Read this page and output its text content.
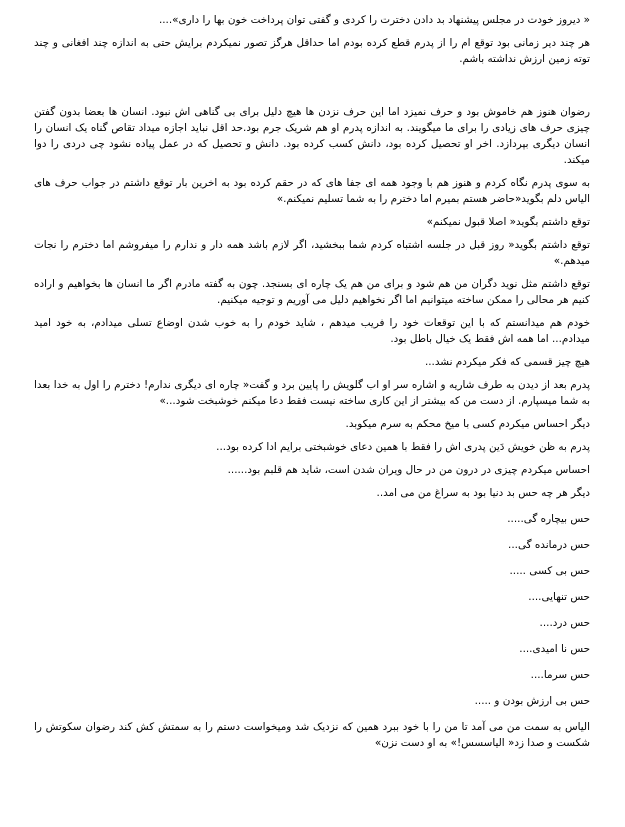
« دیروز خودت در مجلس پیشنهاد بد دادن دخترت را کردی و گفتی توان پرداخت خون بها را داری»....

هر چند دیر زمانی بود توقع ام را از پدرم قطع کرده بودم اما حداقل هرگز تصور نمیکردم برایش حتی به اندازه چند افغانی و چند توته زمین ارزش نداشته باشم.

رضوان هنوز هم خاموش بود و حرف نمیزد اما این حرف نزدن ها هیچ دلیل برای بی گناهی اش نبود. انسان ها بعضا بدون گفتن چیزی حرف های زیادی را برای ما میگویند. به اندازه پدرم او هم شریک جرم بود.حد اقل نباید اجازه میداد تقاص گناه یک انسان را انسان دیگری بپردازد. اخر او تحصیل کرده بود، دانش کسب کرده بود. دانش و تحصیل که در عمل پیاده نشود چی دردی را دوا میکند.

به سوی پدرم نگاه کردم و هنوز هم با وجود همه ای جفا های که در حقم کرده بود به اخرین بار توقع داشتم در جواب حرف های الیاس دلم بگوید«حاضر هستم بمیرم اما دخترم را به شما تسلیم نمیکنم.»

توقع داشتم بگوید« اصلا قبول نمیکنم»

توقع داشتم بگوید« روز قبل در جلسه اشتباه کردم شما ببخشید، اگر لازم باشد همه دار و ندارم را میفروشم اما دخترم را نجات میدهم.»

توقع داشتم مثل نوید دگران من هم شود و برای من هم یک چاره ای بسنجد. چون به گفته مادرم اگر ما انسان ها بخواهیم و اراده کنیم هر محالی را ممکن ساخته میتوانیم اما اگر نخواهیم دلیل می آوریم و توجیه میکنیم.

خودم هم میدانستم که با این توقعات خود را فریب میدهم ، شاید خودم را به خوب شدن اوضاع تسلی میدادم، به خود امید میدادم... اما همه اش فقط یک خیال باطل بود.

هیچ چیز قسمی که فکر میکردم نشد...

پدرم بعد از دیدن به طرف شاریه و اشاره سر او اب گلویش را پایین برد و گفت« چاره ای دیگری ندارم! دخترم را اول به خدا بعدا به شما میسپارم. از دست من که بیشتر از این کاری ساخته نیست فقط دعا میکنم خوشبخت شود...»

دیگر احساس میکردم کسی با میخ محکم به سرم میکوبد.

پدرم به ظن خویش دَین پدری اش را فقط با همین دعای خوشبختی برایم ادا کرده بود...

احساس میکردم چیزی در درون من در حال ویران شدن است، شاید هم قلبم بود......

دیگر هر چه حس بد دنیا بود به سراغ من می امد..

حس بیچاره گی.....

حس درمانده گی...

حس بی کسی .....

حس تنهایی....

حس درد....

حس نا امیدی....

حس سرما....

حس بی ارزش بودن و .....

الیاس به سمت من می آمد تا من را با خود ببرد همین که نزدیک شد ومیخواست دستم را به سمتش کش کند رضوان سکوتش را شکست و صدا زد« الیاسسس!» به او دست نزن»
